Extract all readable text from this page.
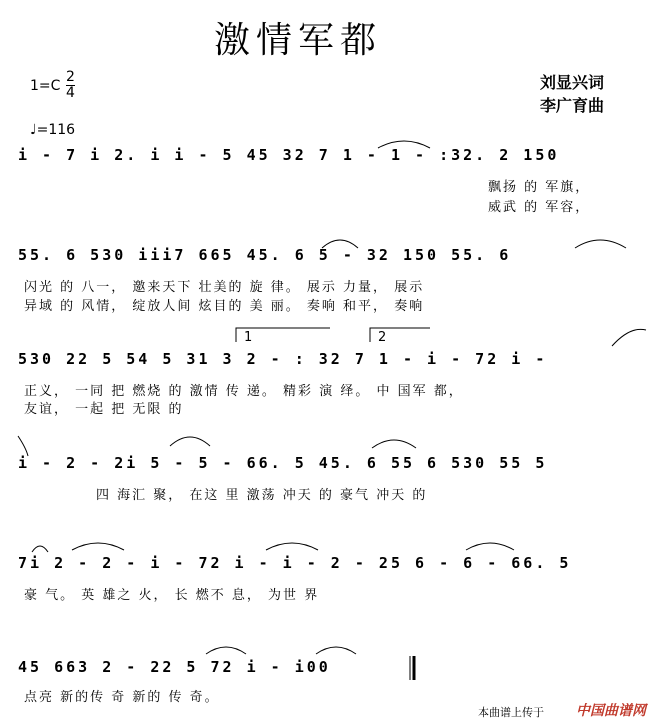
激情军都
1=C
2
4
♩=116
刘显兴词
李广育曲
i - 7 i 2. i i - 5 45 32 7 1 - 1 - :32. 2 150
飘扬 的 军旗，
威武 的 军容，
55. 6 530 iii7 665 45. 6 5 - 32 150 55. 6
闪光 的 八一， 邀来天下 壮美的 旋 律。 展示 力量， 展示
异域 的 风情， 绽放人间 炫目的 美 丽。 奏响 和平， 奏响
1	2
530 22 5 54 5 31 3 2 - : 32 7 1 - i - 72 i -
正义， 一同 把 燃烧 的 激情 传 递。 精彩 演 绎。 中 国军 都，
友谊， 一起 把 无限 的
i - 2 - 2i 5 - 5 - 66. 5 45. 6 55 6 530 55 5
四 海汇 聚， 在这 里 激荡 冲天 的 豪气 冲天 的
7i 2 - 2 - i - 72 i - i - 2 - 25 6 - 6 - 66. 5
豪 气。 英 雄之 火， 长 燃不 息， 为世 界
45 663 2 - 22 5 72 i - i00
点亮 新的传 奇 新的 传 奇。
本曲谱上传于 中国曲谱网
